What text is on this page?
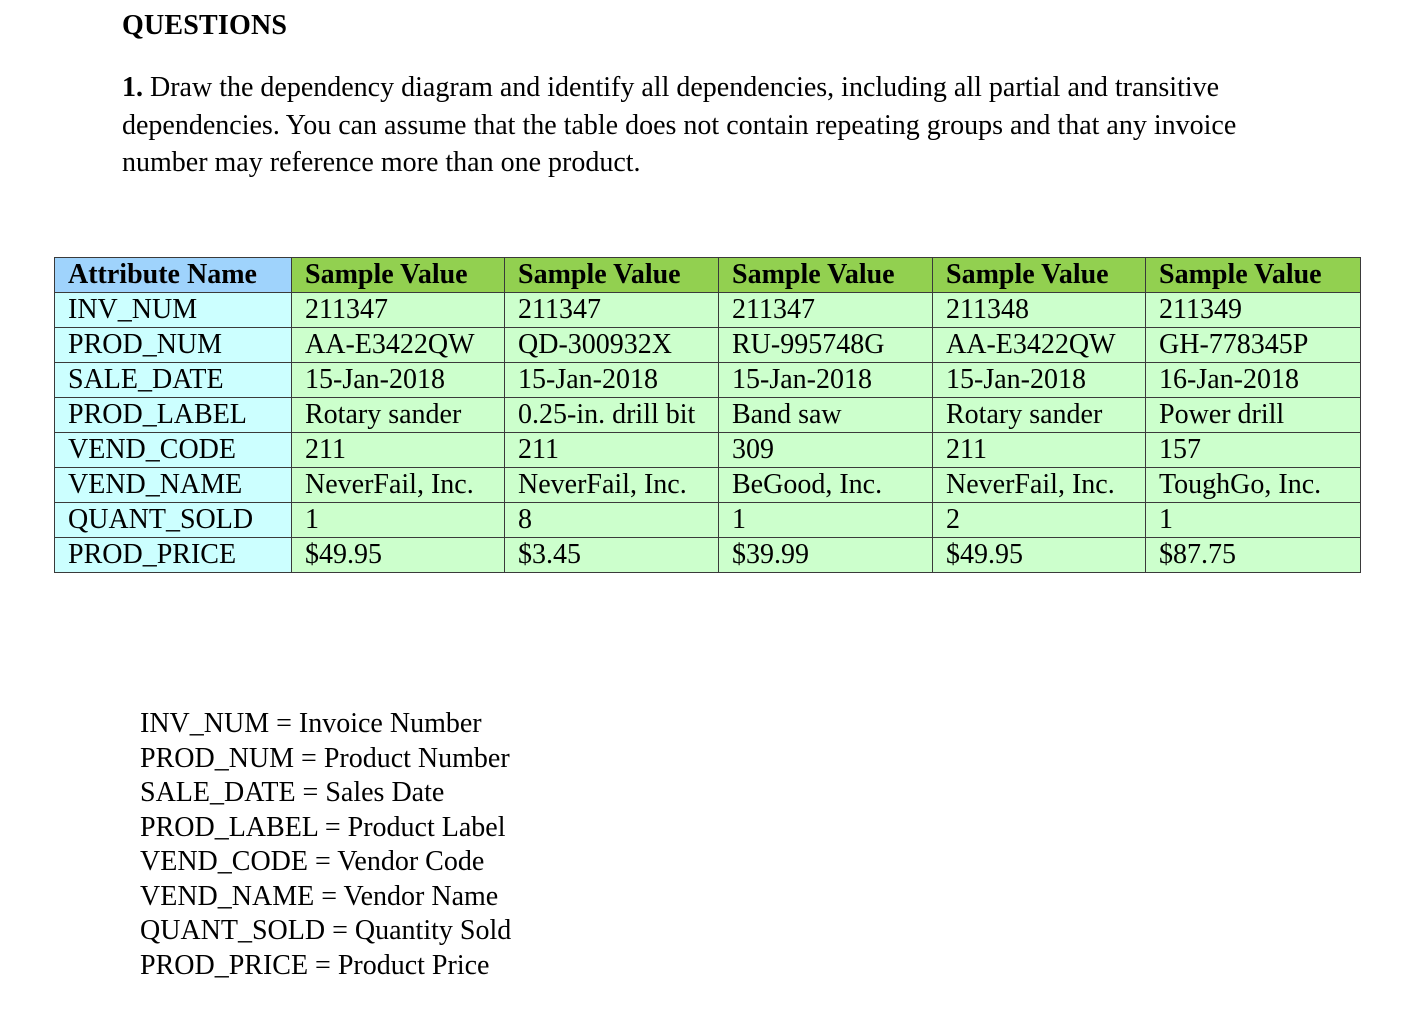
QUESTIONS
1. Draw the dependency diagram and identify all dependencies, including all partial and transitive dependencies. You can assume that the table does not contain repeating groups and that any invoice number may reference more than one product.
Attribute Name	Sample Value	Sample Value	Sample Value	Sample Value	Sample Value
INV_NUM	211347	211347	211347	211348	211349
PROD_NUM	AA-E3422QW	QD-300932X	RU-995748G	AA-E3422QW	GH-778345P
SALE_DATE	15-Jan-2018	15-Jan-2018	15-Jan-2018	15-Jan-2018	16-Jan-2018
PROD_LABEL	Rotary sander	0.25-in. drill bit	Band saw	Rotary sander	Power drill
VEND_CODE	211	211	309	211	157
VEND_NAME	NeverFail, Inc.	NeverFail, Inc.	BeGood, Inc.	NeverFail, Inc.	ToughGo, Inc.
QUANT_SOLD	1	8	1	2	1
PROD_PRICE	$49.95	$3.45	$39.99	$49.95	$87.75
INV_NUM = Invoice Number
PROD_NUM = Product Number
SALE_DATE = Sales Date
PROD_LABEL = Product Label
VEND_CODE = Vendor Code
VEND_NAME = Vendor Name
QUANT_SOLD = Quantity Sold
PROD_PRICE = Product Price
